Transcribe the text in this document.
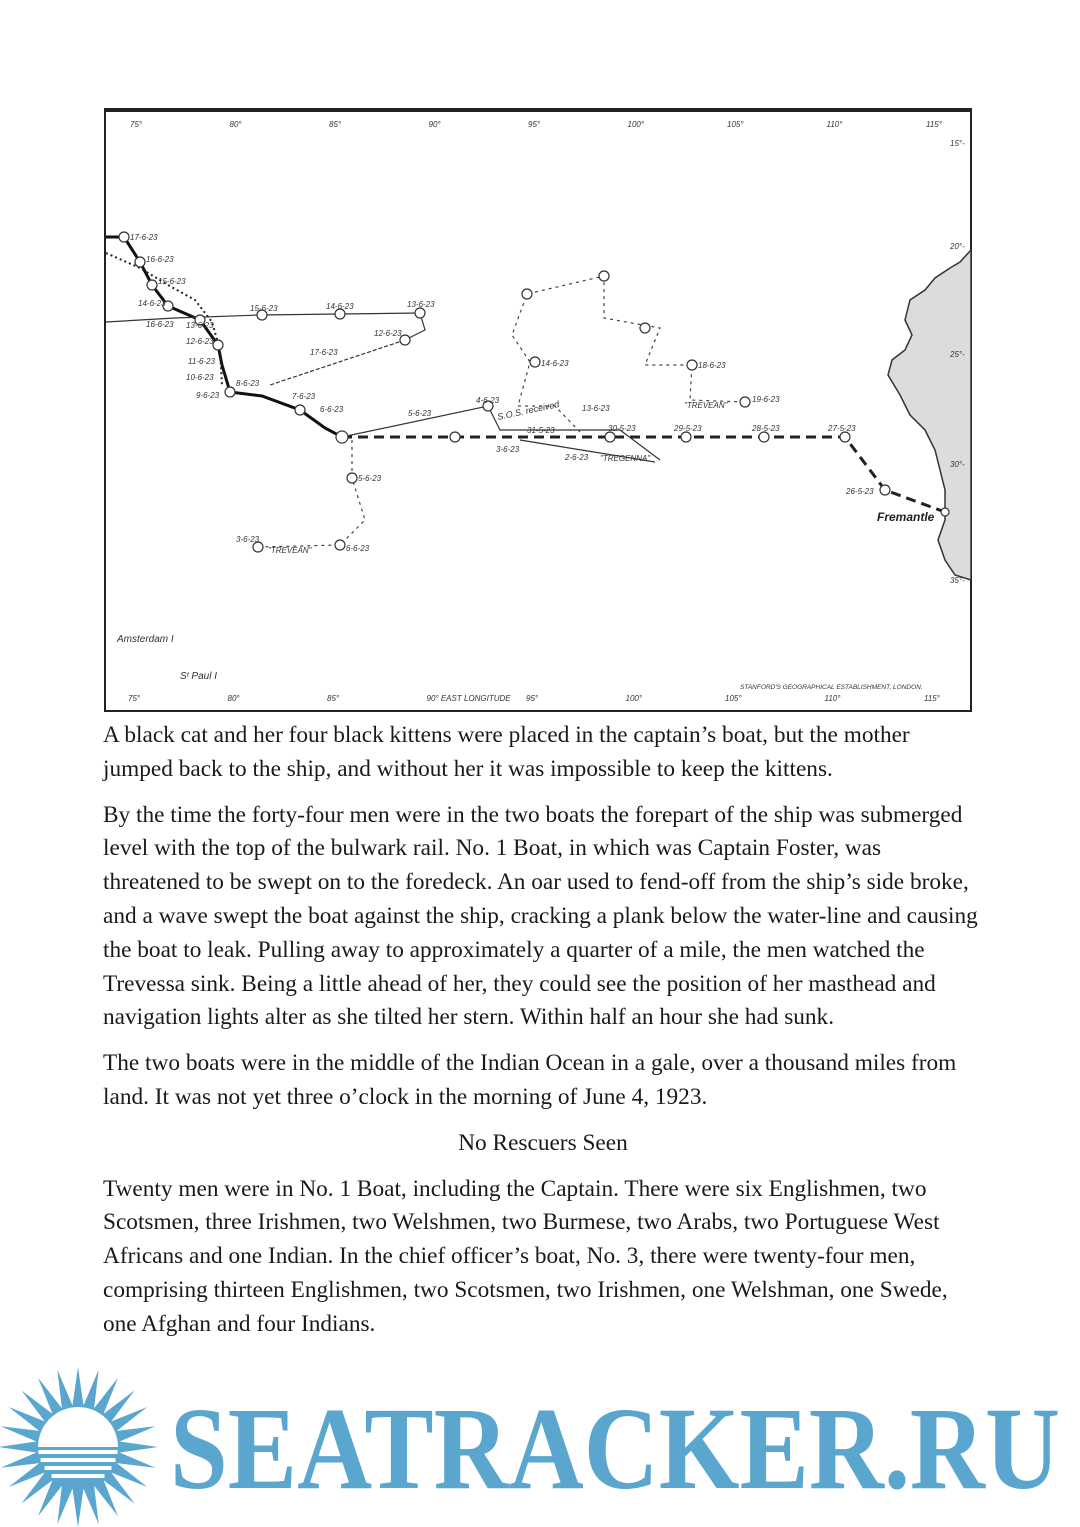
17-6-23
16-6-23
15-6-23
14-6-23
13-6-23
12-6-23
11-6-23
10-6-23
9-6-23
8-6-23
7-6-23
6-6-23	5-6-23
4-6-23
3-6-23
2-6-23
31-5-23	30-5-23	29-5-23	28-5-23	27-5-23
26-5-23
15-6-23	14-6-23	13-6-23
12-6-23
16-6-23
17-6-23
18-6-23
19-6-23
14-6-23
13-6-23
3-6-23
5-6-23
6-6-23
S.O.S. received
"TREVEAN"
"TREVEAN"
"TREGENNA"
Fremantle
Amsterdam I
Sᵗ Paul I
STANFORD'S GEOGRAPHICAL ESTABLISHMENT, LONDON.
75°	80°	85°	90°	95°	100°	105°	110°	115°
75°	80°	85°	90° EAST LONGITUDE 95°	100°	105°	110°	115°
15°-
20°-
25°-
30°-
35°-

A black cat and her four black kittens were placed in the captain’s boat, but the mother jumped back to the ship, and without her it was impossible to keep the kittens.

By the time the forty-four men were in the two boats the forepart of the ship was submerged level with the top of the bulwark rail. No. 1 Boat, in which was Captain Foster, was threatened to be swept on to the foredeck. An oar used to fend-off from the ship’s side broke, and a wave swept the boat against the ship, cracking a plank below the water-line and causing the boat to leak. Pulling away to approximately a quarter of a mile, the men watched the Trevessa sink. Being a little ahead of her, they could see the position of her masthead and navigation lights alter as she tilted her stern. Within half an hour she had sunk.

The two boats were in the middle of the Indian Ocean in a gale, over a thousand miles from land. It was not yet three o’clock in the morning of June 4, 1923.

No Rescuers Seen

Twenty men were in No. 1 Boat, including the Captain. There were six Englishmen, two Scotsmen, three Irishmen, two Welshmen, two Burmese, two Arabs, two Portuguese West Africans and one Indian. In the chief officer’s boat, No. 3, there were twenty-four men, comprising thirteen Englishmen, two Scotsmen, two Irishmen, one Welshman, one Swede, one Afghan and four Indians.

SEATRACKER.RU
